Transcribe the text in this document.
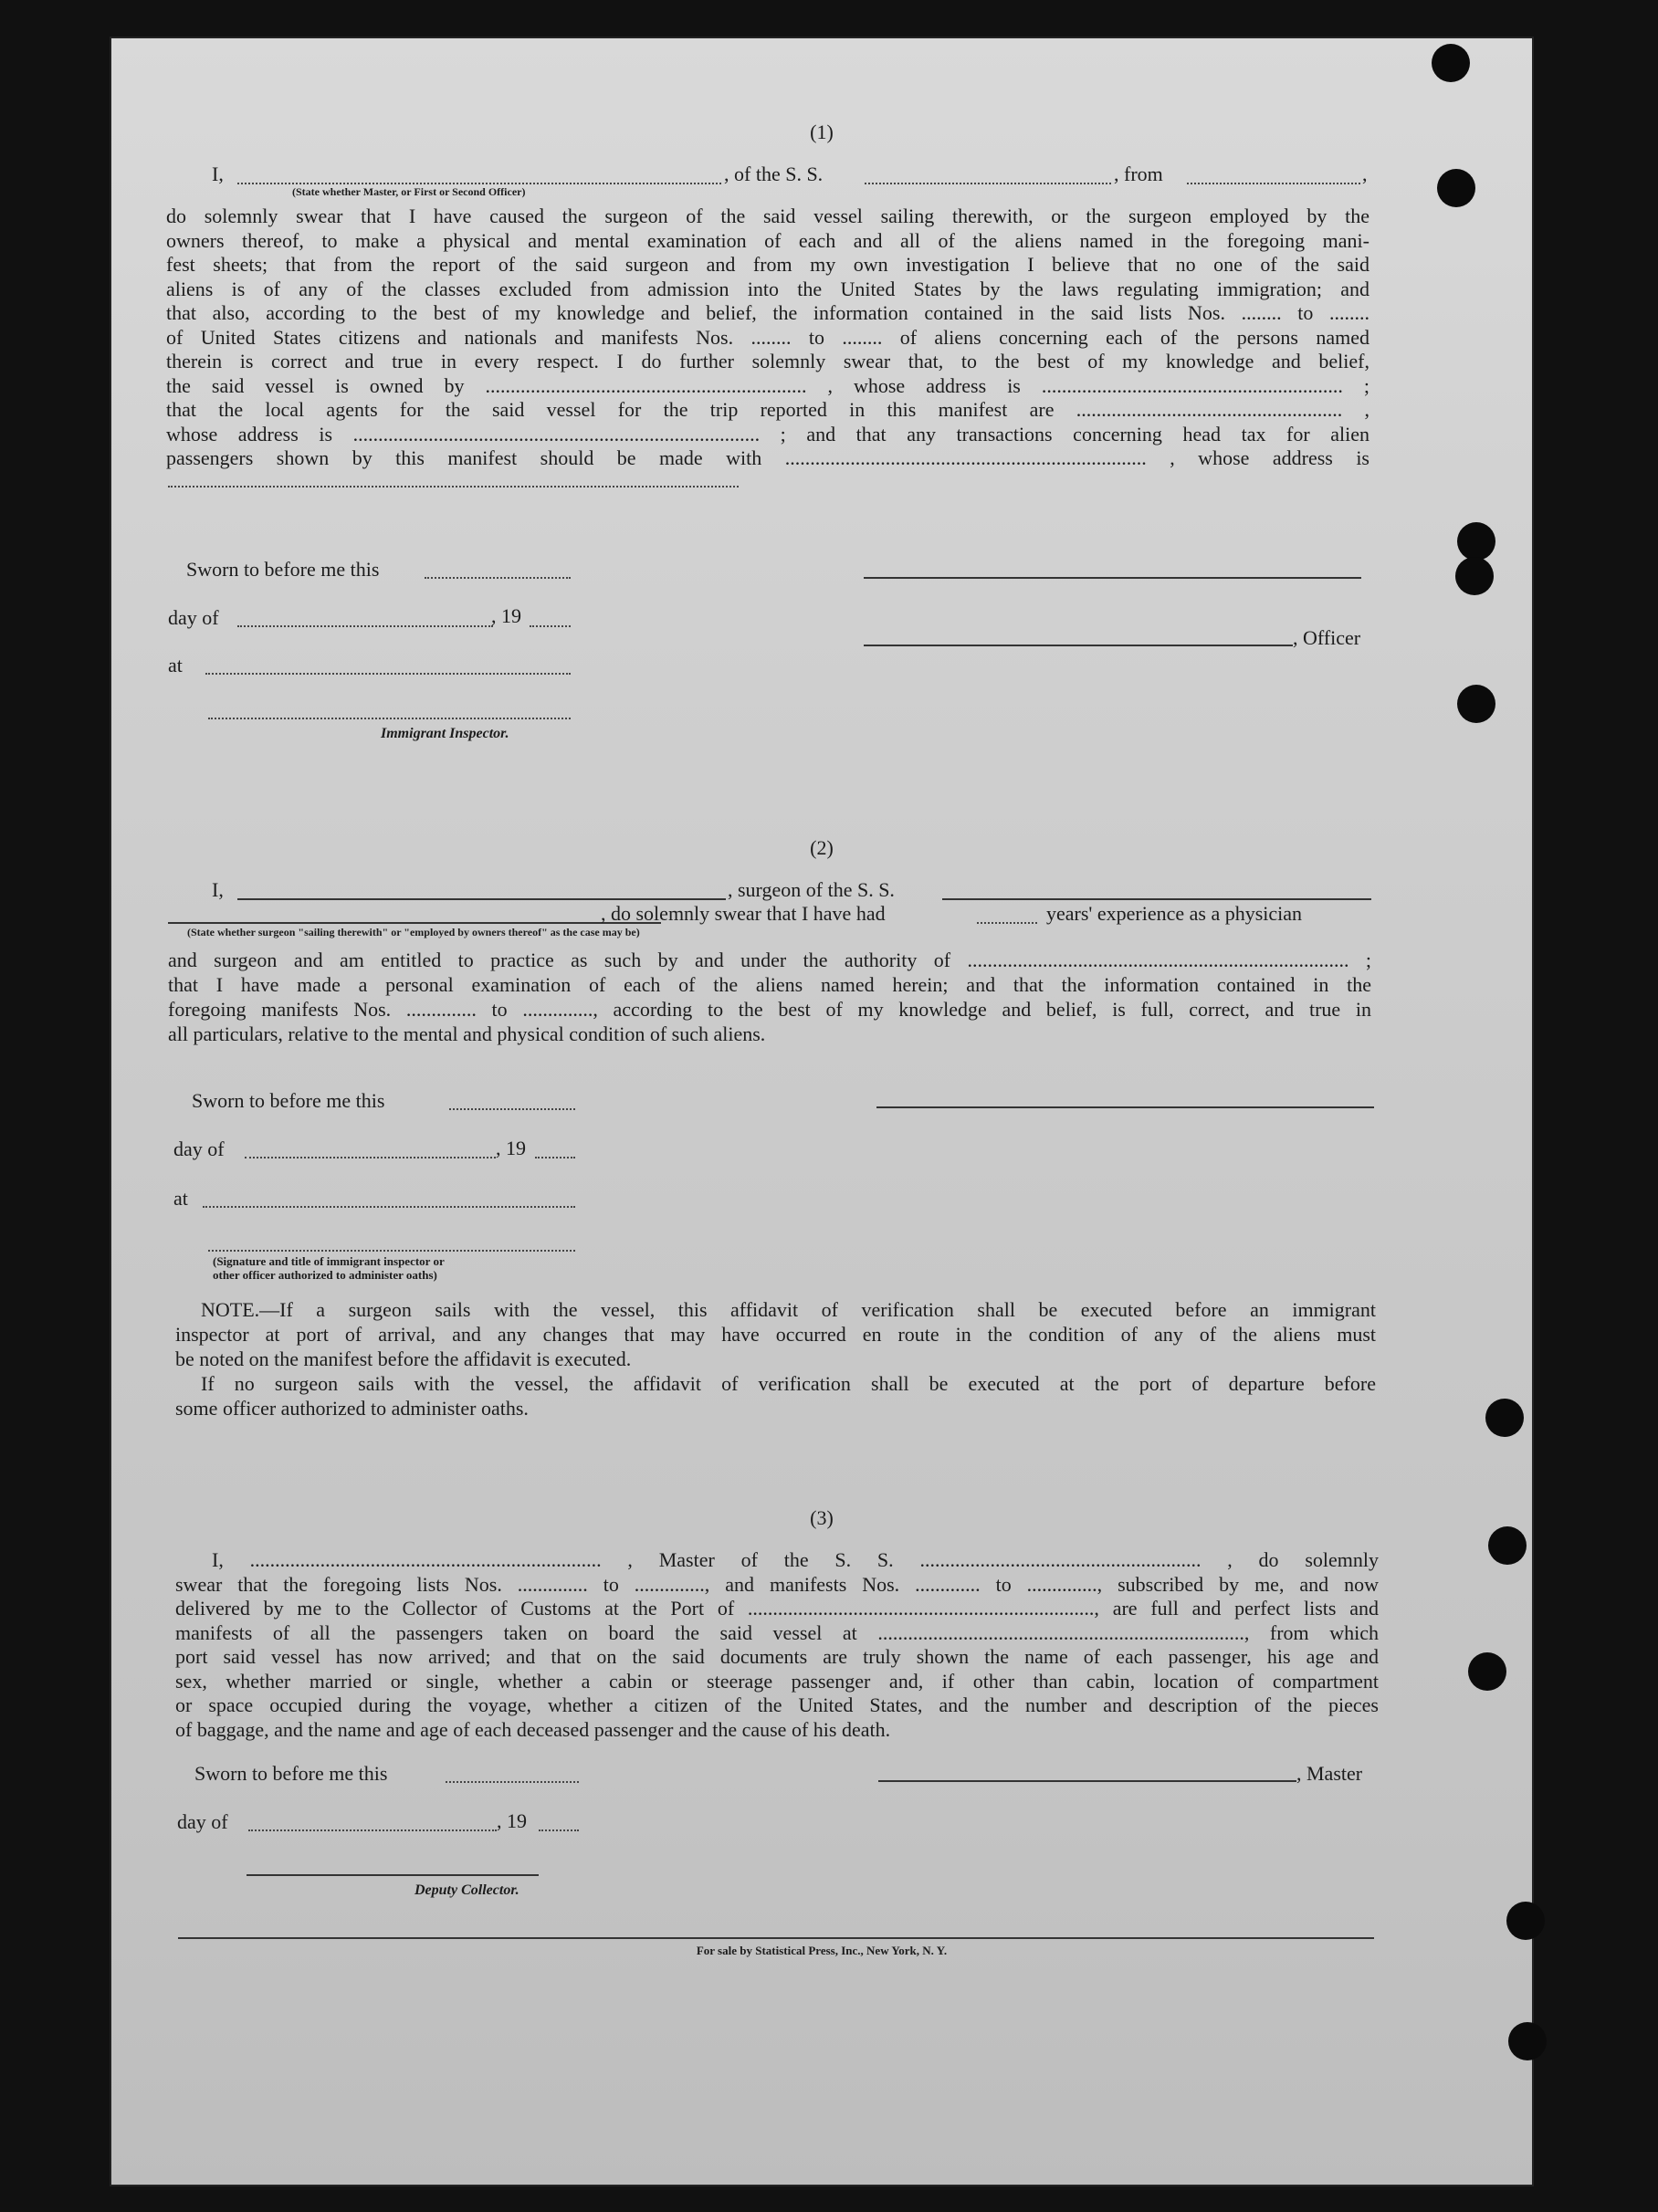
(1)
I,	, of the S. S.	, from	,
(State whether Master, or First or Second Officer)

do solemnly swear that I have caused the surgeon of the said vessel sailing therewith, or the surgeon employed by the

owners thereof, to make a physical and mental examination of each and all of the aliens named in the foregoing mani-

fest sheets; that from the report of the said surgeon and from my own investigation I believe that no one of the said

aliens is of any of the classes excluded from admission into the United States by the laws regulating immigration; and

that also, according to the best of my knowledge and belief, the information contained in the said lists Nos. ........ to ........

of United States citizens and nationals and manifests Nos. ........ to ........ of aliens concerning each of the persons named

therein is correct and true in every respect. I do further solemnly swear that, to the best of my knowledge and belief,

the said vessel is owned by ................................................................ , whose address is ............................................................ ;

that the local agents for the said vessel for the trip reported in this manifest are ..................................................... ,

whose address is ................................................................................. ; and that any transactions concerning head tax for alien

passengers shown by this manifest should be made with ........................................................................ , whose address is

Sworn to before me this
day of	, 19
, Officer
at
Immigrant Inspector.
(2)
I,	, surgeon of the S. S.
, do solemnly swear that I have had	years' experience as a physician
(State whether surgeon "sailing therewith" or "employed by owners thereof" as the case may be)

and surgeon and am entitled to practice as such by and under the authority of ............................................................................ ;

that I have made a personal examination of each of the aliens named herein; and that the information contained in the

foregoing manifests Nos. .............. to .............., according to the best of my knowledge and belief, is full, correct, and true in

all particulars, relative to the mental and physical condition of such aliens.

Sworn to before me this
day of	, 19
at
(Signature and title of immigrant inspector or
other officer authorized to administer oaths)

NOTE.—If a surgeon sails with the vessel, this affidavit of verification shall be executed before an immigrant

inspector at port of arrival, and any changes that may have occurred en route in the condition of any of the aliens must

be noted on the manifest before the affidavit is executed.

If no surgeon sails with the vessel, the affidavit of verification shall be executed at the port of departure before

some officer authorized to administer oaths.

(3)

I, ...................................................................... , Master of the S. S. ........................................................ , do solemnly

swear that the foregoing lists Nos. .............. to .............., and manifests Nos. ............. to .............., subscribed by me, and now

delivered by me to the Collector of Customs at the Port of ....................................................................., are full and perfect lists and

manifests of all the passengers taken on board the said vessel at ........................................................................., from which

port said vessel has now arrived; and that on the said documents are truly shown the name of each passenger, his age and

sex, whether married or single, whether a cabin or steerage passenger and, if other than cabin, location of compartment

or space occupied during the voyage, whether a citizen of the United States, and the number and description of the pieces

of baggage, and the name and age of each deceased passenger and the cause of his death.

Sworn to before me this	, Master
day of	, 19
Deputy Collector.
For sale by Statistical Press, Inc., New York, N. Y.
